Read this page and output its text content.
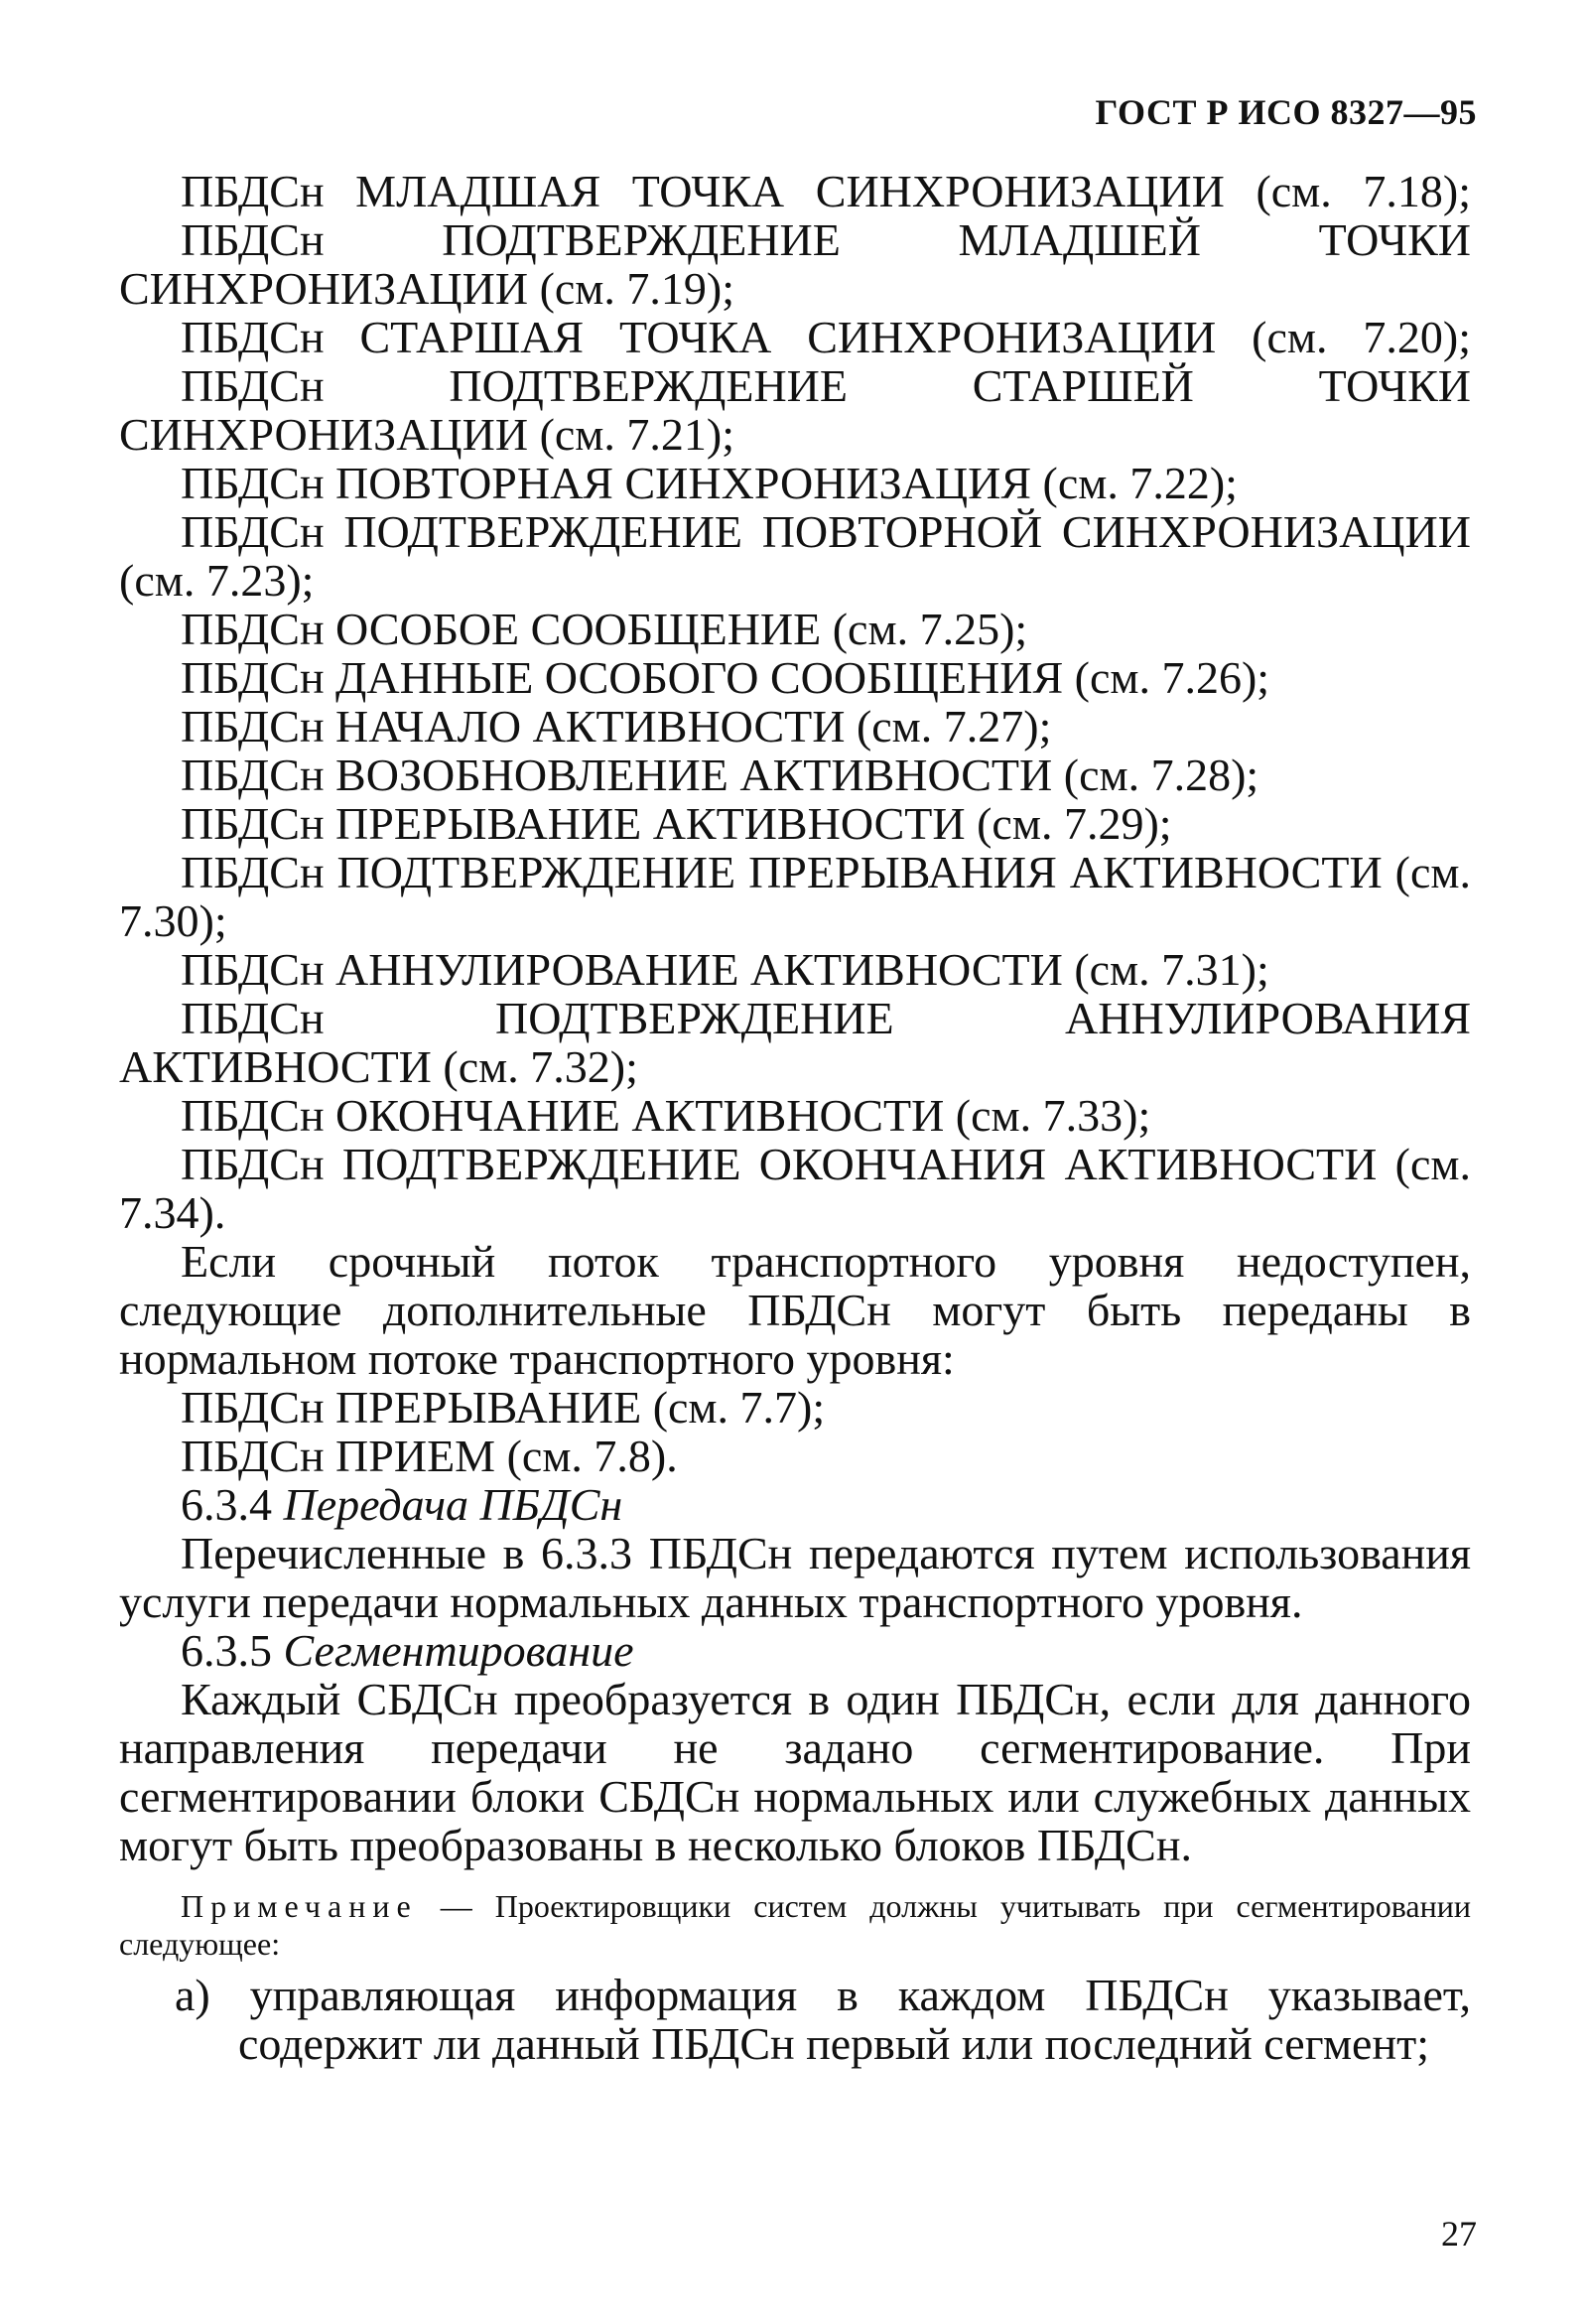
ГОСТ Р ИСО 8327—95

ПБДСн МЛАДШАЯ ТОЧКА СИНХРОНИЗАЦИИ (см. 7.18);

ПБДСн ПОДТВЕРЖДЕНИЕ МЛАДШЕЙ ТОЧКИ СИНХРОНИЗАЦИИ (см. 7.19);

ПБДСн СТАРШАЯ ТОЧКА СИНХРОНИЗАЦИИ (см. 7.20);

ПБДСн ПОДТВЕРЖДЕНИЕ СТАРШЕЙ ТОЧКИ СИНХРОНИЗАЦИИ (см. 7.21);

ПБДСн ПОВТОРНАЯ СИНХРОНИЗАЦИЯ (см. 7.22);

ПБДСн ПОДТВЕРЖДЕНИЕ ПОВТОРНОЙ СИНХРОНИЗАЦИИ (см. 7.23);

ПБДСн ОСОБОЕ СООБЩЕНИЕ (см. 7.25);

ПБДСн ДАННЫЕ ОСОБОГО СООБЩЕНИЯ (см. 7.26);

ПБДСн НАЧАЛО АКТИВНОСТИ (см. 7.27);

ПБДСн ВОЗОБНОВЛЕНИЕ АКТИВНОСТИ (см. 7.28);

ПБДСн ПРЕРЫВАНИЕ АКТИВНОСТИ (см. 7.29);

ПБДСн ПОДТВЕРЖДЕНИЕ ПРЕРЫВАНИЯ АКТИВНОСТИ (см. 7.30);

ПБДСн АННУЛИРОВАНИЕ АКТИВНОСТИ (см. 7.31);

ПБДСн ПОДТВЕРЖДЕНИЕ АННУЛИРОВАНИЯ АКТИВНОСТИ (см. 7.32);

ПБДСн ОКОНЧАНИЕ АКТИВНОСТИ (см. 7.33);

ПБДСн ПОДТВЕРЖДЕНИЕ ОКОНЧАНИЯ АКТИВНОСТИ (см. 7.34).

Если срочный поток транспортного уровня недоступен, следующие дополнительные ПБДСн могут быть переданы в нормальном потоке транспортного уровня:

ПБДСн ПРЕРЫВАНИЕ (см. 7.7);

ПБДСн ПРИЕМ (см. 7.8).

6.3.4 Передача ПБДСн

Перечисленные в 6.3.3 ПБДСн передаются путем использования услуги передачи нормальных данных транспортного уровня.

6.3.5 Сегментирование

Каждый СБДСн преобразуется в один ПБДСн, если для данного направления передачи не задано сегментирование. При сегментировании блоки СБДСн нормальных или служебных данных могут быть преобразованы в несколько блоков ПБДСн.

Примечание — Проектировщики систем должны учитывать при сегментировании следующее:

а) управляющая информация в каждом ПБДСн указывает, содержит ли данный ПБДСн первый или последний сегмент;

27
